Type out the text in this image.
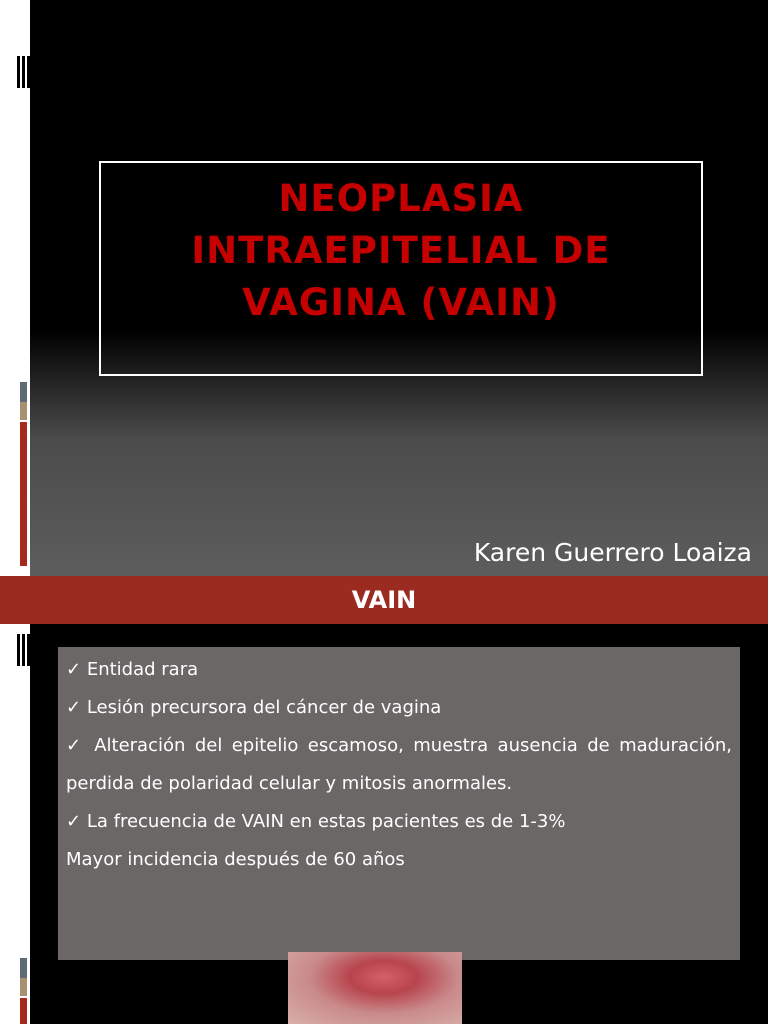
NEOPLASIA INTRAEPITELIAL DE VAGINA (VAIN)
Karen Guerrero Loaiza
VAIN

✓ Entidad rara

✓ Lesión precursora del cáncer de vagina

✓ Alteración del epitelio escamoso, muestra ausencia de maduración, perdida de polaridad celular y mitosis anormales.

✓ La frecuencia de VAIN en estas pacientes es de 1-3%

Mayor incidencia después de 60 años
